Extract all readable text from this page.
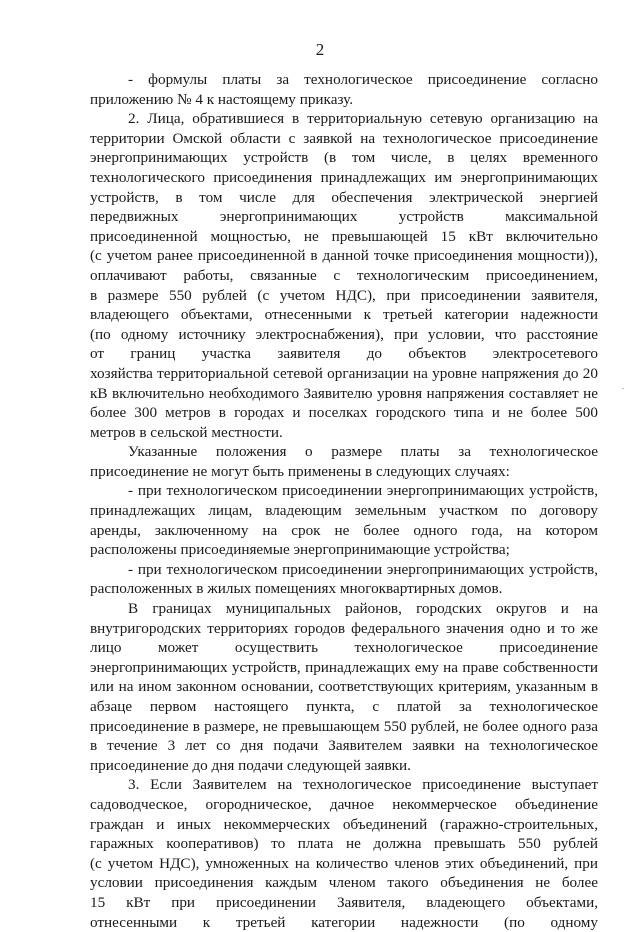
2
- формулы платы за технологическое присоединение согласно
приложению № 4 к настоящему приказу.
2. Лица, обратившиеся в территориальную сетевую организацию на
территории Омской области с заявкой на технологическое присоединение
энергопринимающих устройств (в том числе, в целях временного
технологического присоединения принадлежащих им энергопринимающих
устройств, в том числе для обеспечения электрической энергией
передвижных энергопринимающих устройств максимальной
присоединенной мощностью, не превышающей 15 кВт включительно
(с учетом ранее присоединенной в данной точке присоединения мощности)),
оплачивают работы, связанные с технологическим присоединением,
в размере 550 рублей (с учетом НДС), при присоединении заявителя,
владеющего объектами, отнесенными к третьей категории надежности
(по одному источнику электроснабжения), при условии, что расстояние
от границ участка заявителя до объектов электросетевого
хозяйства территориальной сетевой организации на уровне напряжения до 20
кВ включительно необходимого Заявителю уровня напряжения составляет не
более 300 метров в городах и поселках городского типа и не более 500
метров в сельской местности.
Указанные положения о размере платы за технологическое
присоединение не могут быть применены в следующих случаях:
- при технологическом присоединении энергопринимающих устройств,
принадлежащих лицам, владеющим земельным участком по договору
аренды, заключенному на срок не более одного года, на котором
расположены присоединяемые энергопринимающие устройства;
- при технологическом присоединении энергопринимающих устройств,
расположенных в жилых помещениях многоквартирных домов.
В границах муниципальных районов, городских округов и на
внутригородских территориях городов федерального значения одно и то же
лицо может осуществить технологическое присоединение
энергопринимающих устройств, принадлежащих ему на праве собственности
или на ином законном основании, соответствующих критериям, указанным в
абзаце первом настоящего пункта, с платой за технологическое
присоединение в размере, не превышающем 550 рублей, не более одного раза
в течение 3 лет со дня подачи Заявителем заявки на технологическое
присоединение до дня подачи следующей заявки.
3. Если Заявителем на технологическое присоединение выступает
садоводческое, огородническое, дачное некоммерческое объединение
граждан и иных некоммерческих объединений (гаражно-строительных,
гаражных кооперативов) то плата не должна превышать 550 рублей
(с учетом НДС), умноженных на количество членов этих объединений, при
условии присоединения каждым членом такого объединения не более
15 кВт при присоединении Заявителя, владеющего объектами,
отнесенными к третьей категории надежности (по одному
